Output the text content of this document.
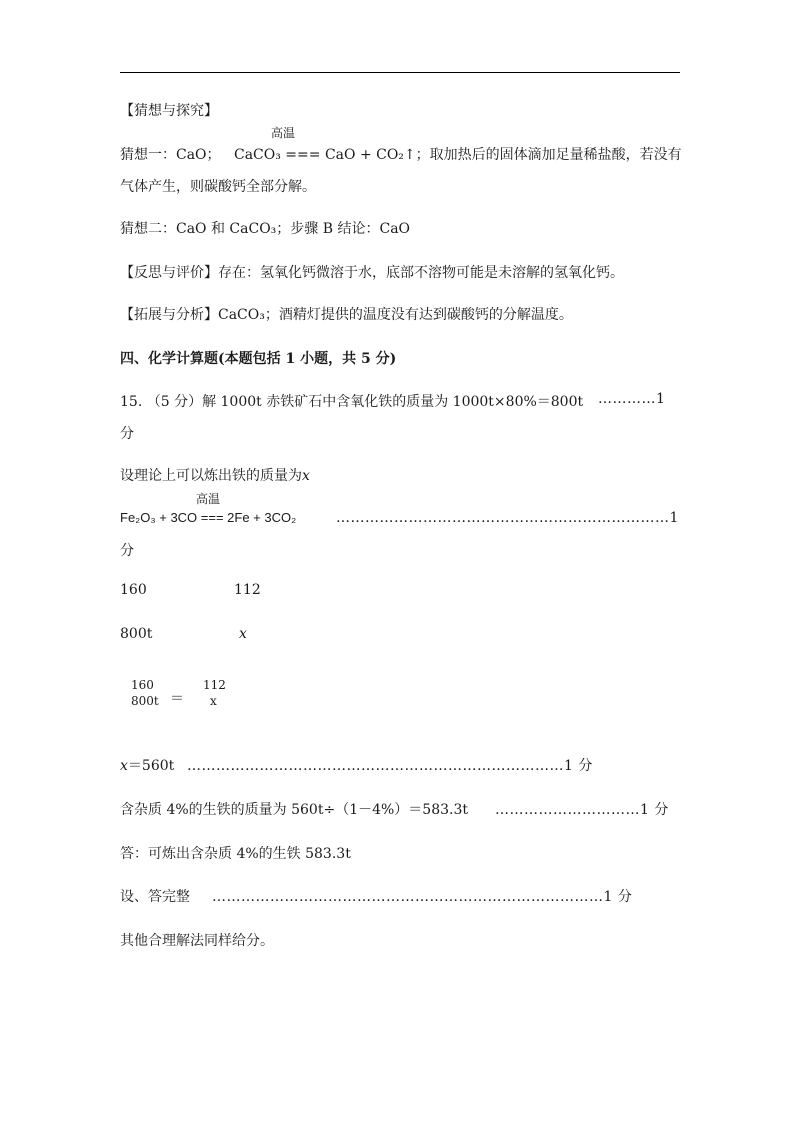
【猜想与探究】
高温
猜想一：CaO； CaCO₃ === CaO + CO₂↑；取加热后的固体滴加足量稀盐酸，若没有
气体产生，则碳酸钙全部分解。
猜想二：CaO 和 CaCO₃；步骤 B 结论：CaO
【反思与评价】存在：氢氧化钙微溶于水，底部不溶物可能是未溶解的氢氧化钙。
【拓展与分析】CaCO₃；酒精灯提供的温度没有达到碳酸钙的分解温度。
四、化学计算题(本题包括 1 小题，共 5 分)
15. （5 分）解 1000t 赤铁矿石中含氧化铁的质量为 1000t×80%＝800t …………1
分
设理论上可以炼出铁的质量为x
高温
Fe₂O₃ + 3CO === 2Fe + 3CO₂	……………………………………………………………1
分
160	112
800t	x
160
800t ＝
112
x
x＝560t ……………………………………………………………………1 分
含杂质 4%的生铁的质量为 560t÷（1－4%）＝583.3t …………………………1 分
答：可炼出含杂质 4%的生铁 583.3t
设、答完整 ………………………………………………………………………1 分
其他合理解法同样给分。
